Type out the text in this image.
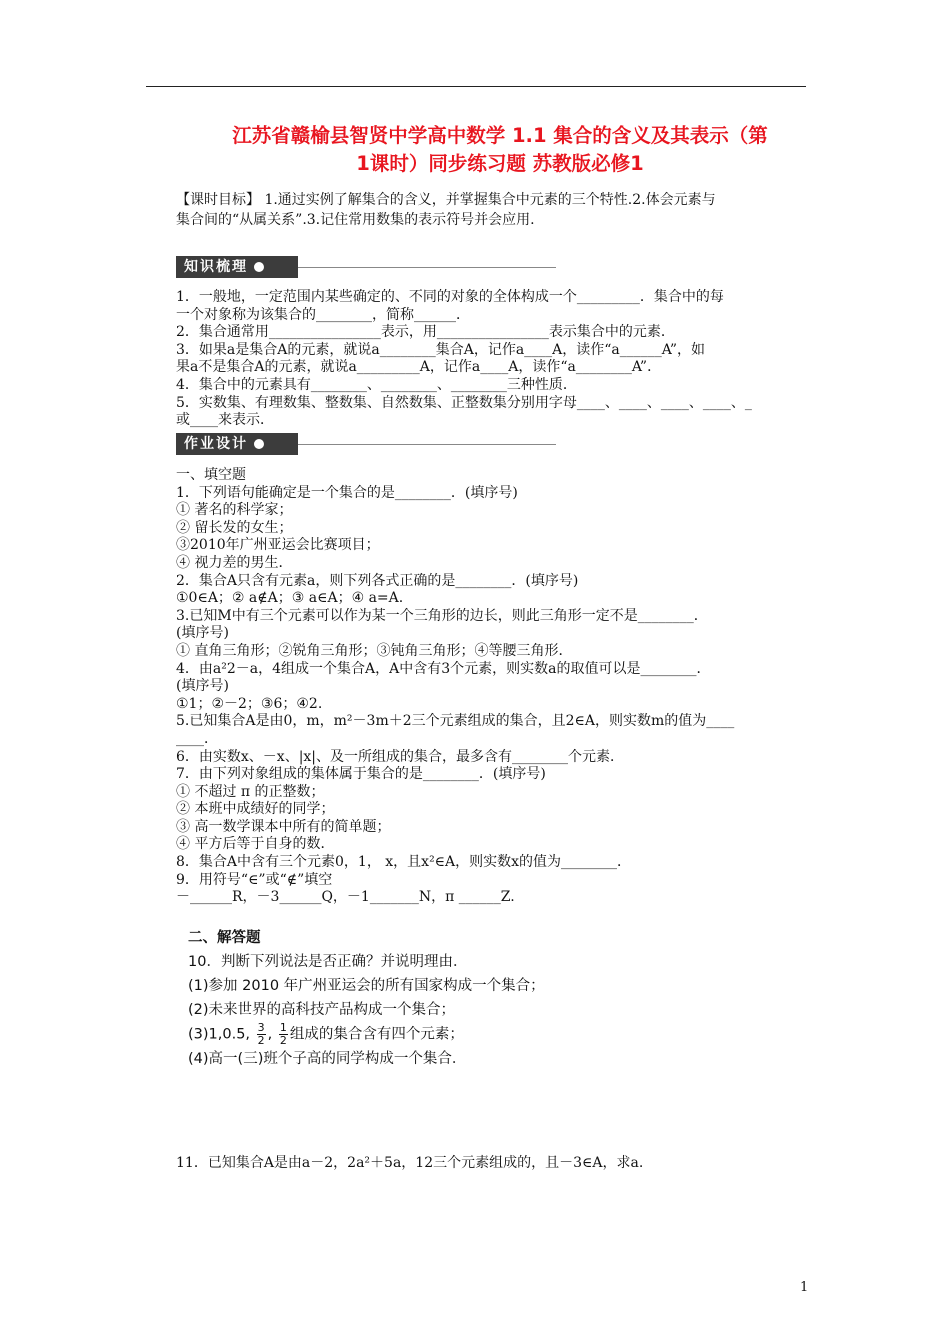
江苏省赣榆县智贤中学高中数学 1.1 集合的含义及其表示（第
1课时）同步练习题 苏教版必修1
【课时目标】 1.通过实例了解集合的含义，并掌握集合中元素的三个特性.2.体会元素与
集合间的“从属关系”.3.记住常用数集的表示符号并会应用.
知识梳理
1．一般地，一定范围内某些确定的、不同的对象的全体构成一个_________．集合中的每
一个对象称为该集合的________，简称______．
2．集合通常用________________表示，用________________表示集合中的元素．
3．如果a是集合A的元素，就说a________集合A，记作a____A，读作“a______A”，如
果a不是集合A的元素，就说a_________A，记作a____A，读作“a________A”．
4．集合中的元素具有________、________、________三种性质．
5．实数集、有理数集、整数集、自然数集、正整数集分别用字母____、____、____、____、_
或____来表示．
作业设计
一、填空题
1．下列语句能确定是一个集合的是________．(填序号)
① 著名的科学家；
② 留长发的女生；
③2010年广州亚运会比赛项目；
④ 视力差的男生．
2．集合A只含有元素a，则下列各式正确的是________．(填序号)
①0∈A；② a∉A；③ a∈A；④ a=A.
3.已知M中有三个元素可以作为某一个三角形的边长，则此三角形一定不是________．
(填序号)
① 直角三角形；②锐角三角形；③钝角三角形；④等腰三角形．
4．由a²2－a，4组成一个集合A，A中含有3个元素，则实数a的取值可以是________．
(填序号)
①1；②－2；③6；④2.
5.已知集合A是由0，m，m²－3m＋2三个元素组成的集合，且2∈A，则实数m的值为____
____．
6．由实数x、－x、|x|、及一所组成的集合，最多含有________个元素．
7．由下列对象组成的集体属于集合的是________．(填序号)
① 不超过 π 的正整数；
② 本班中成绩好的同学；
③ 高一数学课本中所有的简单题；
④ 平方后等于自身的数．
8．集合A中含有三个元素0，1， x，且x²∈A，则实数x的值为________．
9．用符号“∈”或“∉”填空
－______R，－3______Q，－1_______N，π ______Z.
二、解答题
10．判断下列说法是否正确？并说明理由．
(1)参加 2010 年广州亚运会的所有国家构成一个集合；
(2)未来世界的高科技产品构成一个集合；
(3)1,0.5, $\frac{3}{2}$ , $\frac{1}{2}$ 组成的集合含有四个元素；
(4)高一(三)班个子高的同学构成一个集合．
11．已知集合A是由a－2，2a²＋5a，12三个元素组成的，且－3∈A，求a.
1
